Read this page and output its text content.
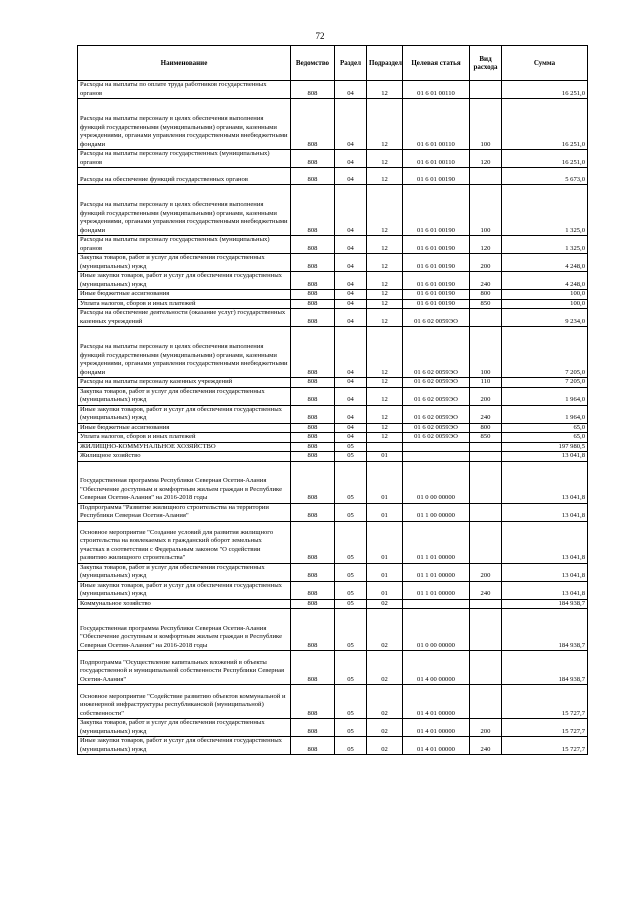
72
Наименование	Ведомство	Раздел	Подраздел	Целевая статья	Вид расхода	Сумма
Расходы на выплаты по оплате труда работников государственных органов	808	04	12	01 6 01 00110		16 251,0
Расходы на выплаты персоналу в целях обеспечения выполнения функций государственными (муниципальными) органами, казенными учреждениями, органами управления государственными внебюджетными фондами	808	04	12	01 6 01 00110	100	16 251,0
Расходы на выплаты персоналу государственных (муниципальных) органов	808	04	12	01 6 01 00110	120	16 251,0
Расходы на обеспечение функций государственных органов	808	04	12	01 6 01 00190		5 673,0
Расходы на выплаты персоналу в целях обеспечения выполнения функций государственными (муниципальными) органами, казенными учреждениями, органами управления государственными внебюджетными фондами	808	04	12	01 6 01 00190	100	1 325,0
Расходы на выплаты персоналу государственных (муниципальных) органов	808	04	12	01 6 01 00190	120	1 325,0
Закупка товаров, работ и услуг для обеспечения государственных (муниципальных) нужд	808	04	12	01 6 01 00190	200	4 248,0
Иные закупки товаров, работ и услуг для обеспечения государственных (муниципальных) нужд	808	04	12	01 6 01 00190	240	4 248,0
Иные бюджетные ассигнования	808	04	12	01 6 01 00190	800	100,0
Уплата налогов, сборов и иных платежей	808	04	12	01 6 01 00190	850	100,0
Расходы на обеспечение деятельности (оказание услуг) государственных казенных учреждений	808	04	12	01 6 02 0059ЭО		9 234,0
Расходы на выплаты персоналу в целях обеспечения выполнения функций государственными (муниципальными) органами, казенными учреждениями, органами управления государственными внебюджетными фондами	808	04	12	01 6 02 0059ЭО	100	7 205,0
Расходы на выплаты персоналу казенных учреждений	808	04	12	01 6 02 0059ЭО	110	7 205,0
Закупка товаров, работ и услуг для обеспечения государственных (муниципальных) нужд	808	04	12	01 6 02 0059ЭО	200	1 964,0
Иные закупки товаров, работ и услуг для обеспечения государственных (муниципальных) нужд	808	04	12	01 6 02 0059ЭО	240	1 964,0
Иные бюджетные ассигнования	808	04	12	01 6 02 0059ЭО	800	65,0
Уплата налогов, сборов и иных платежей	808	04	12	01 6 02 0059ЭО	850	65,0
ЖИЛИЩНО-КОММУНАЛЬНОЕ ХОЗЯЙСТВО	808	05				197 980,5
Жилищное хозяйство	808	05	01			13 041,8
Государственная программа Республики Северная Осетия-Алания "Обеспечение доступным и комфортным жильем граждан в Республике Северная Осетия-Алания" на 2016-2018 годы	808	05	01	01 0 00 00000		13 041,8
Подпрограмма "Развитие жилищного строительства на территории Республики Северная Осетия-Алания"	808	05	01	01 1 00 00000		13 041,8
Основное мероприятие "Создание условий для развития жилищного строительства на вовлекаемых в гражданский оборот земельных участках в соответствии с Федеральным законом "О содействии развитию жилищного строительства"	808	05	01	01 1 01 00000		13 041,8
Закупка товаров, работ и услуг для обеспечения государственных (муниципальных) нужд	808	05	01	01 1 01 00000	200	13 041,8
Иные закупки товаров, работ и услуг для обеспечения государственных (муниципальных) нужд	808	05	01	01 1 01 00000	240	13 041,8
Коммунальное хозяйство	808	05	02			184 938,7
Государственная программа Республики Северная Осетия-Алания "Обеспечение доступным и комфортным жильем граждан в Республике Северная Осетия-Алания" на 2016-2018 годы	808	05	02	01 0 00 00000		184 938,7
Подпрограмма "Осуществление капитальных вложений в объекты государственной и муниципальной собственности Республики Северная Осетия-Алания"	808	05	02	01 4 00 00000		184 938,7
Основное мероприятие "Содействие развитию объектов коммунальной и инженерной инфраструктуры республиканской (муниципальной) собственности"	808	05	02	01 4 01 00000		15 727,7
Закупка товаров, работ и услуг для обеспечения государственных (муниципальных) нужд	808	05	02	01 4 01 00000	200	15 727,7
Иные закупки товаров, работ и услуг для обеспечения государственных (муниципальных) нужд	808	05	02	01 4 01 00000	240	15 727,7
